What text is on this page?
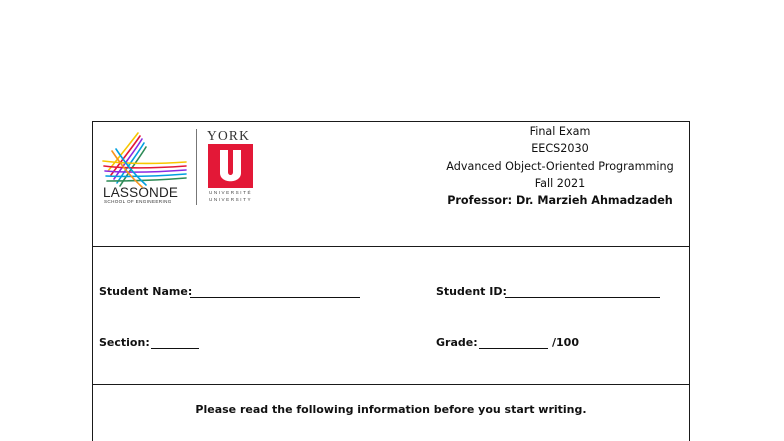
LASSONDE
SCHOOL OF ENGINEERING
YORK
UNIVERSITÉ
UNIVERSITY
Final Exam
EECS2030
Advanced Object-Oriented Programming
Fall 2021
Professor: Dr. Marzieh Ahmadzadeh
Student Name:	Student ID:
Section:	Grade:	/100
Please read the following information before you start writing.
